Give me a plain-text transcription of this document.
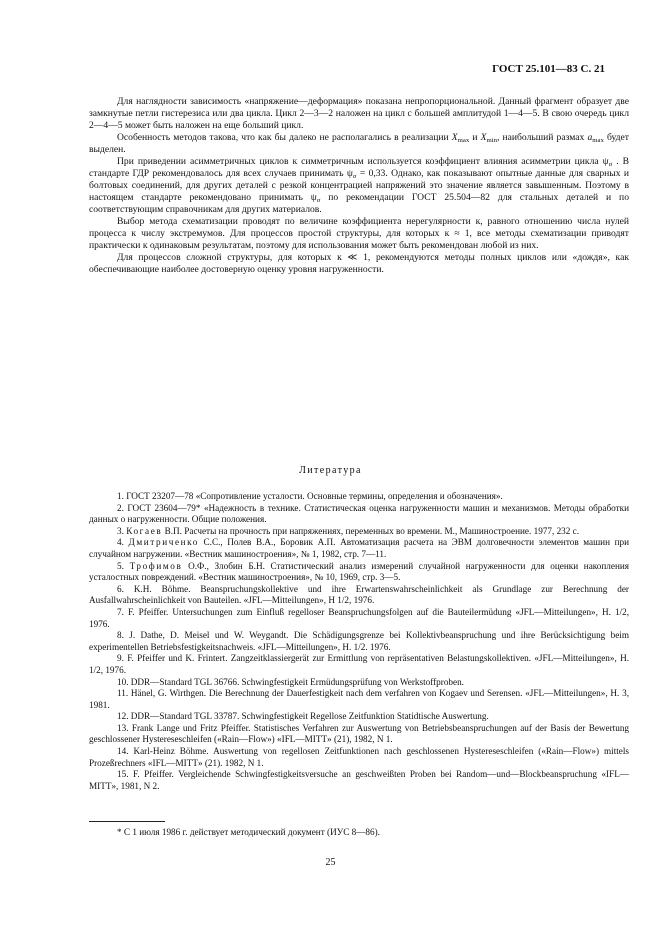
ГОСТ 25.101—83 С. 21

Для наглядности зависимость «напряжение—деформация» показана непропорциональной. Данный фрагмент образует две замкнутые петли гистерезиса или два цикла. Цикл 2—3—2 наложен на цикл с большей амплитудой 1—4—5. В свою очередь цикл 2—4—5 может быть наложен на еще больший цикл.

Особенность методов такова, что как бы далеко не располагались в реализации $X_{max}$ и $X_{min}$, наибольший размах $a_{max}$ будет выделен.

При приведении асимметричных циклов к симметричным используется коэффициент влияния асимметрии цикла $\psi_\sigma$ . В стандарте ГДР рекомендовалось для всех случаев принимать $\psi_\sigma = 0,33$. Однако, как показывают опытные данные для сварных и болтовых соединений, для других деталей с резкой концентрацией напряжений это значение является завышенным. Поэтому в настоящем стандарте рекомендовано принимать $\psi_\sigma$ по рекомендации ГОСТ 25.504—82 для стальных деталей и по соответствующим справочникам для других материалов.

Выбор метода схематизации проводят по величине коэффициента нерегулярности к, равного отношению числа нулей процесса к числу экстремумов. Для процессов простой структуры, для которых к ≈ 1, все методы схематизации приводят практически к одинаковым результатам, поэтому для использования может быть рекомендован любой из них.

Для процессов сложной структуры, для которых к ≪ 1, рекомендуются методы полных циклов или «дождя», как обеспечивающие наиболее достоверную оценку уровня нагруженности.

Литература

1. ГОСТ 23207—78 «Сопротивление усталости. Основные термины, определения и обозначения».

2. ГОСТ 23604—79* «Надежность в технике. Статистическая оценка нагруженности машин и механизмов. Методы обработки данных о нагруженности. Общие положения.

3. Когаев В.П. Расчеты на прочность при напряжениях, переменных во времени. М., Машиностроение. 1977, 232 с.

4. Дмитриченко С.С., Полев В.А., Боровик А.П. Автоматизация расчета на ЭВМ долговечности элементов машин при случайном нагружении. «Вестник машиностроения», № 1, 1982, стр. 7—11.

5. Трофимов О.Ф., Злобин Б.Н. Статистический анализ измерений случайной нагруженности для оценки накопления усталостных повреждений. «Вестник машиностроения», № 10, 1969, стр. 3—5.

6. K.H. Böhme. Beanspruchungskollektive und ihre Erwartenswahrscheinlichkeit als Grundlage zur Berechnung der Ausfallwahrscheinlichkeit von Bauteilen. «JFL—Mitteilungen», H 1/2, 1976.

7. F. Pfeiffer. Untersuchungen zum Einfluß regelloser Beanspruchungsfolgen auf die Bauteilermüdung «JFL—Mitteilungen», H. 1/2, 1976.

8. J. Dathe, D. Meisel und W. Weygandt. Die Schädigungsgrenze bei Kollektivbeanspruchung und ihre Berücksichtigung beim experimentellen Betriebsfestigkeitsnachweis. «JFL—Mitteilungen», H. 1/2. 1976.

9. F. Pfeiffer und K. Frintert. Zangzeitklassiergerät zur Ermittlung von repräsentativen Belastungskollektiven. «JFL—Mitteilungen», H. 1/2, 1976.

10. DDR—Standard TGL 36766. Schwingfestigkeit Ermüdungsprüfung von Werkstoffproben.

11. Hänel, G. Wirthgen. Die Berechnung der Dauerfestigkeit nach dem verfahren von Kogaev und Serensen. «JFL—Mitteilungen», H. 3, 1981.

12. DDR—Standard TGL 33787. Schwingfestigkeit Regellose Zeitfunktion Statidtische Auswertung.

13. Frank Lange und Fritz Pfeiffer. Statistisches Verfahren zur Auswertung von Betriebsbeanspruchungen auf der Basis der Bewertung geschlossener Hystereseschleifen («Rain—Flow») «IFL—MITT» (21), 1982, N 1.

14. Karl-Heinz Böhme. Auswertung von regellosen Zeitfunktionen nach geschlossenen Hystereseschleifen («Rain—Flow») mittels Prozeßrechners «IFL—MITT» (21). 1982, N 1.

15. F. Pfeiffer. Vergleichende Schwingfestigkeitsversuche an geschweißten Proben bei Random—und—Blockbeanspruchung «IFL—MITT», 1981, N 2.

* С 1 июля 1986 г. действует методический документ (ИУС 8—86).
25
